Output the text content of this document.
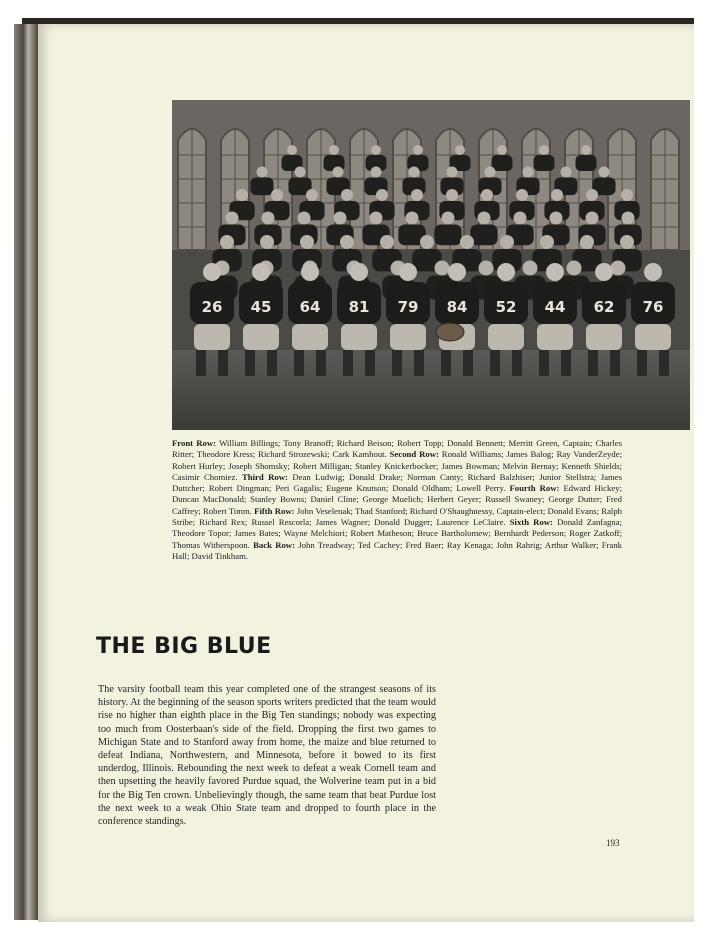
26 45 64 81 79 84 52 44 62 76
Front Row: William Billings; Tony Branoff; Richard Beison; Robert Topp; Donald Bennett; Merritt Green, Captain; Charles Ritter; Theodore Kress; Richard Strozewski; Cark Kamhout. Second Row: Ronald Williams; James Balog; Ray VanderZeyde; Robert Hurley; Joseph Shomsky; Robert Milligan; Stanley Knickerbocker; James Bowman; Melvin Bernay; Kenneth Shields; Casimir Chomiez. Third Row: Dean Ludwig; Donald Drake; Norman Canty; Richard Balzhiser; Junior Stellstra; James Duttcher; Robert Dingman; Peri Gagalis; Eugene Knutson; Donald Oldham; Lowell Perry. Fourth Row: Edward Hickey; Duncan MacDonald; Stanley Bowns; Daniel Cline; George Muelich; Herbert Geyer; Russell Swaney; George Dutter; Fred Caffrey; Robert Timm. Fifth Row: John Veselenak; Thad Stanford; Richard O'Shaughnessy, Captain-elect; Donald Evans; Ralph Stribe; Richard Rex; Russel Rescorla; James Wagner; Donald Dugger; Laurence LeClaire. Sixth Row: Donald Zanfagna; Theodore Topor; James Bates; Wayne Melchiori; Robert Matheson; Bruce Bartholomew; Bernhardt Pederson; Roger Zatkoff; Thomas Witherspoon. Back Row: John Treadway; Ted Cachey; Fred Baer; Ray Kenaga; John Rahrig; Arthur Walker; Frank Hall; David Tinkham.
THE BIG BLUE
The varsity football team this year completed one of the strangest seasons of its history. At the beginning of the season sports writers predicted that the team would rise no higher than eighth place in the Big Ten standings; nobody was expecting too much from Oosterbaan's side of the field. Dropping the first two games to Michigan State and to Stanford away from home, the maize and blue returned to defeat Indiana, Northwestern, and Minnesota, before it bowed to its first underdog, Illinois. Rebounding the next week to defeat a weak Cornell team and then upsetting the heavily favored Purdue squad, the Wolverine team put in a bid for the Big Ten crown. Unbelievingly though, the same team that beat Purdue lost the next week to a weak Ohio State team and dropped to fourth place in the conference standings.
193
